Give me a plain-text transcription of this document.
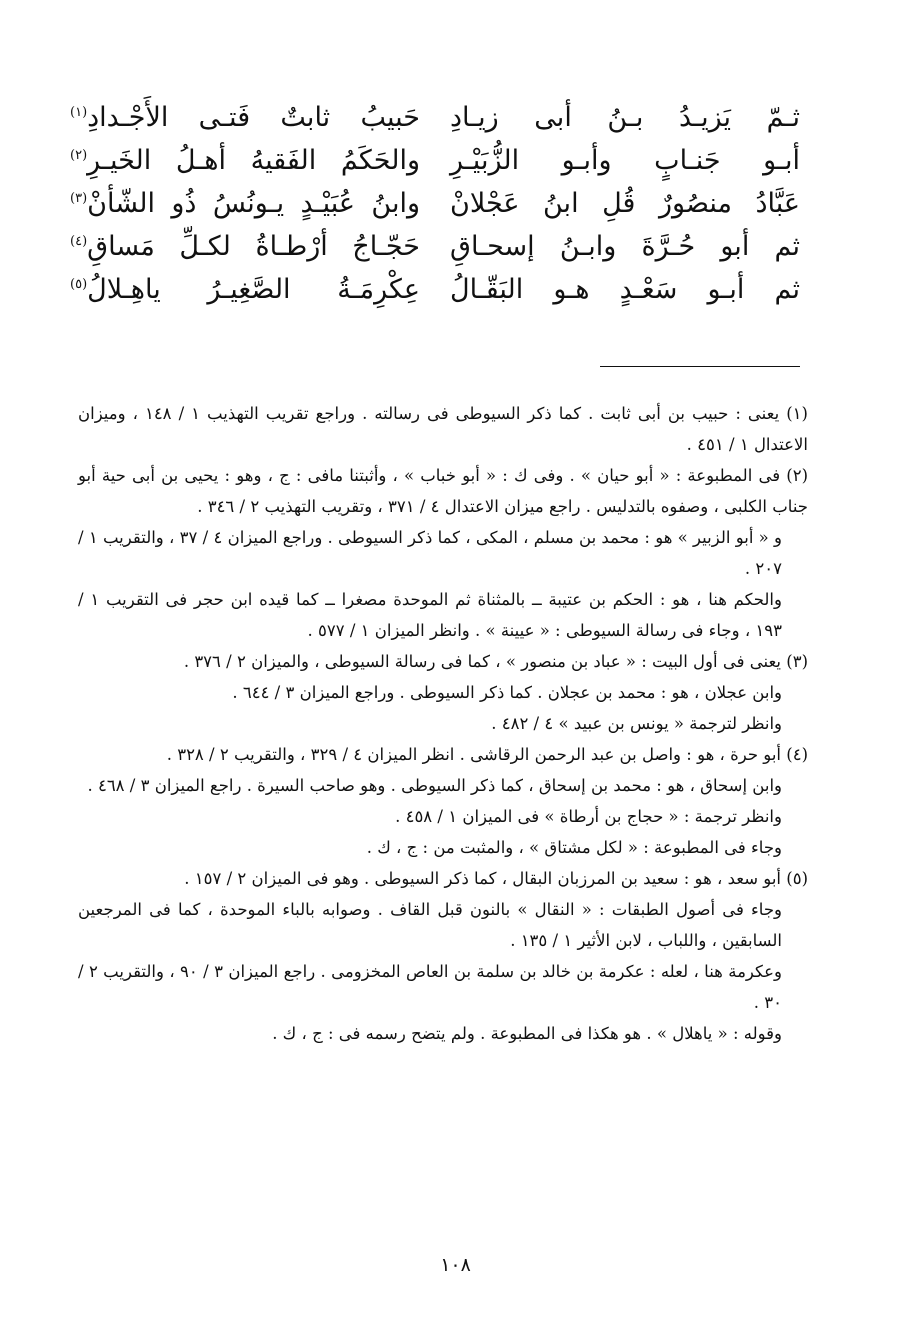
ثـمّ يَزيـدُ بـنُ أبى زيـادِ
حَبيبُ ثابتٌ فَتـى الأَجْـدادِ$^{(١)}$
أبـو جَنـابٍ وأبـو الزُّبَيْـرِ
والحَكَمُ الفَقيهُ أهـلُ الخَيـرِ$^{(٢)}$
عَبَّادُ منصُورٌ قُلِ ابنُ عَجْلانْ
وابنُ عُبَيْـدٍ يـونُسُ ذُو الشّأنْ$^{(٣)}$
ثم أبو حُـرَّةَ وابـنُ إسحـاقِ
حَجّـاجُ أرْطـاةُ لكـلِّ مَساقِ$^{(٤)}$
ثم أبـو سَعْـدٍ هـو البَقّـالُ
عِكْرِمَـةُ الصَّغِيـرُ ياهِـلالُ$^{(٥)}$

(١) يعنى : حبيب بن أبى ثابت . كما ذكر السيوطى فى رسالته . وراجع تقريب التهذيب ١ / ١٤٨ ، وميزان الاعتدال ١ / ٤٥١ .

(٢) فى المطبوعة : « أبو حيان » . وفى ك : « أبو خباب » ، وأثبتنا مافى : ج ، وهو : يحيى بن أبى حية أبو جناب الكلبى ، وصفوه بالتدليس . راجع ميزان الاعتدال ٤ / ٣٧١ ، وتقريب التهذيب ٢ / ٣٤٦ .

و « أبو الزبير » هو : محمد بن مسلم ، المكى ، كما ذكر السيوطى . وراجع الميزان ٤ / ٣٧ ، والتقريب ١ / ٢٠٧ .

والحكم هنا ، هو : الحكم بن عتيبة ــ بالمثناة ثم الموحدة مصغرا ــ كما قيده ابن حجر فى التقريب ١ / ١٩٣ ، وجاء فى رسالة السيوطى : « عيينة » . وانظر الميزان ١ / ٥٧٧ .

(٣) يعنى فى أول البيت : « عباد بن منصور » ، كما فى رسالة السيوطى ، والميزان ٢ / ٣٧٦ .

وابن عجلان ، هو : محمد بن عجلان . كما ذكر السيوطى . وراجع الميزان ٣ / ٦٤٤ .

وانظر لترجمة « يونس بن عبيد » ٤ / ٤٨٢ .

(٤) أبو حرة ، هو : واصل بن عبد الرحمن الرقاشى . انظر الميزان ٤ / ٣٢٩ ، والتقريب ٢ / ٣٢٨ .

وابن إسحاق ، هو : محمد بن إسحاق ، كما ذكر السيوطى . وهو صاحب السيرة . راجع الميزان ٣ / ٤٦٨ .

وانظر ترجمة : « حجاج بن أرطاة » فى الميزان ١ / ٤٥٨ .

وجاء فى المطبوعة : « لكل مشتاق » ، والمثبت من : ج ، ك .

(٥) أبو سعد ، هو : سعيد بن المرزبان البقال ، كما ذكر السيوطى . وهو فى الميزان ٢ / ١٥٧ .

وجاء فى أصول الطبقات : « النقال » بالنون قبل القاف . وصوابه بالباء الموحدة ، كما فى المرجعين السابقين ، واللباب ، لابن الأثير ١ / ١٣٥ .

وعكرمة هنا ، لعله : عكرمة بن خالد بن سلمة بن العاص المخزومى . راجع الميزان ٣ / ٩٠ ، والتقريب ٢ / ٣٠ .

وقوله : « ياهلال » . هو هكذا فى المطبوعة . ولم يتضح رسمه فى : ج ، ك .

١٠٨
